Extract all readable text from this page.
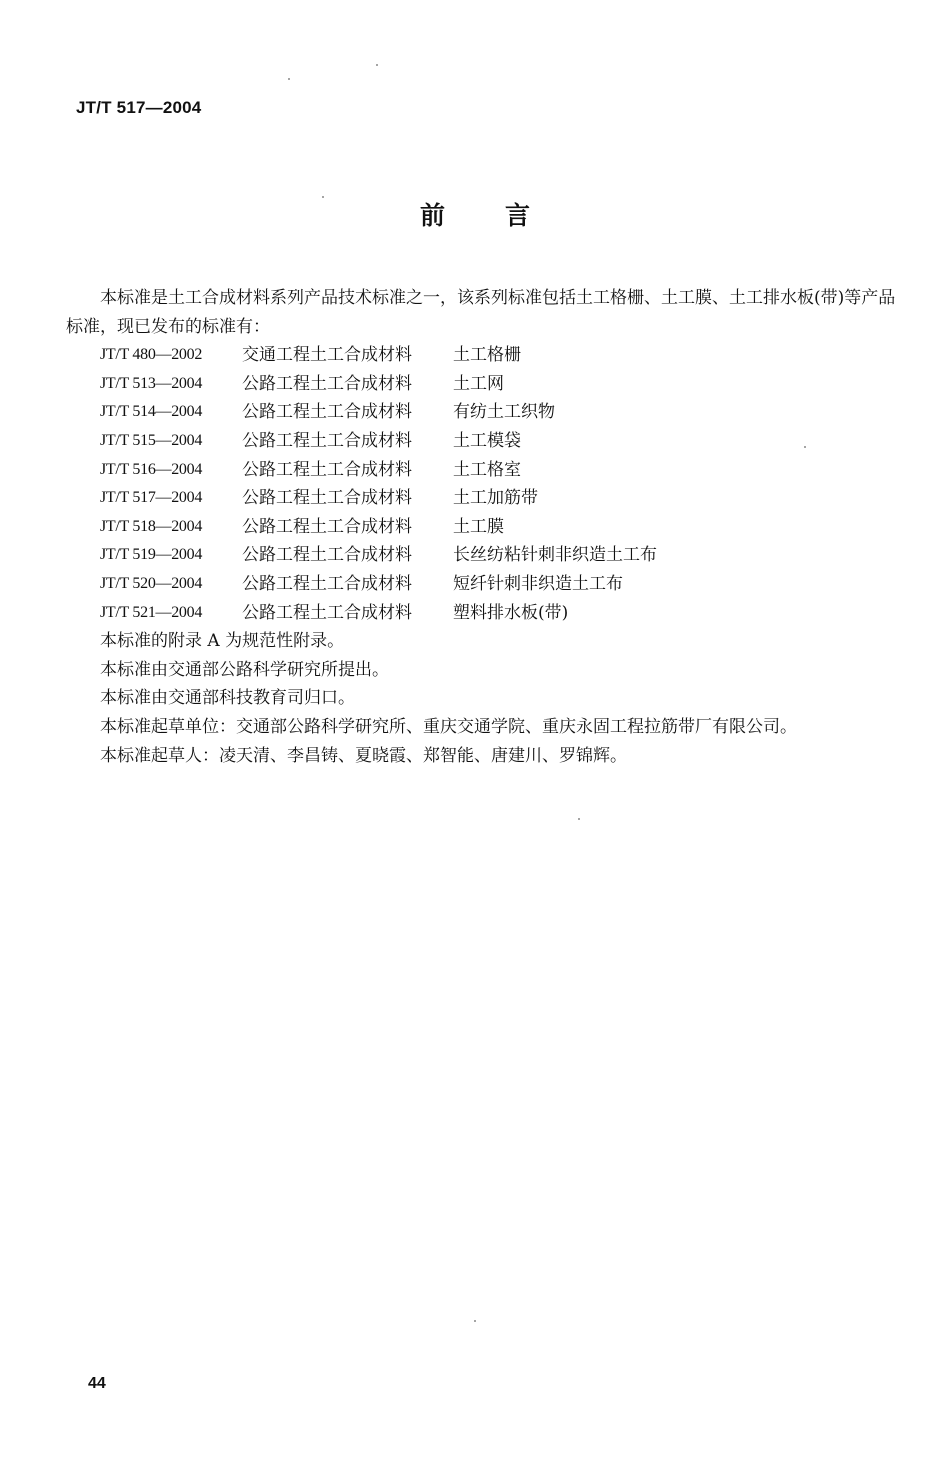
JT/T 517—2004
前言

本标准是土工合成材料系列产品技术标准之一，该系列标准包括土工格栅、土工膜、土工排水板(带)等产品标准，现已发布的标准有：

JT/T 480—2002	交通工程土工合成材料	土工格栅
JT/T 513—2004	公路工程土工合成材料	土工网
JT/T 514—2004	公路工程土工合成材料	有纺土工织物
JT/T 515—2004	公路工程土工合成材料	土工模袋
JT/T 516—2004	公路工程土工合成材料	土工格室
JT/T 517—2004	公路工程土工合成材料	土工加筋带
JT/T 518—2004	公路工程土工合成材料	土工膜
JT/T 519—2004	公路工程土工合成材料	长丝纺粘针刺非织造土工布
JT/T 520—2004	公路工程土工合成材料	短纤针刺非织造土工布
JT/T 521—2004	公路工程土工合成材料	塑料排水板(带)

本标准的附录 A 为规范性附录。

本标准由交通部公路科学研究所提出。

本标准由交通部科技教育司归口。

本标准起草单位：交通部公路科学研究所、重庆交通学院、重庆永固工程拉筋带厂有限公司。

本标准起草人：凌天清、李昌铸、夏晓霞、郑智能、唐建川、罗锦辉。

44
